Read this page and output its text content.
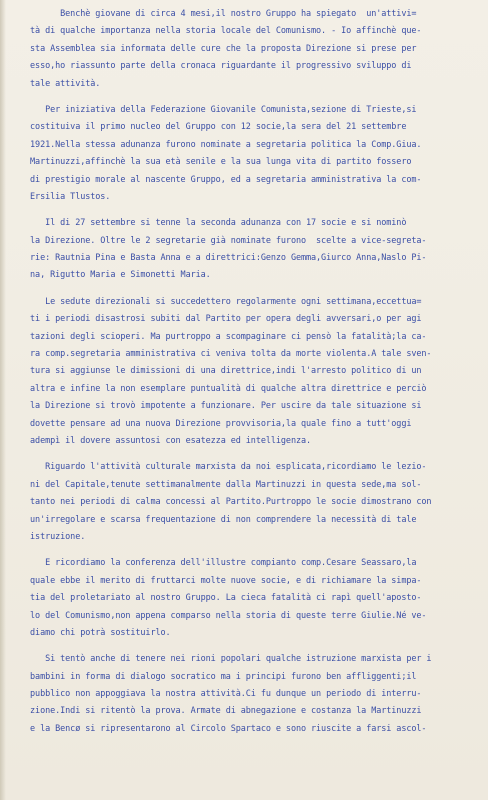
Benchè giovane di circa 4 mesi,il nostro Gruppo ha spiegato  un'attivi=
tà di qualche importanza nella storia locale del Comunismo. - Io affinchè que-
sta Assemblea sia informata delle cure che la proposta Direzione si prese per
esso,ho riassunto parte della cronaca riguardante il progressivo sviluppo di
tale attività.
Per iniziativa della Federazione Giovanile Comunista,sezione di Trieste,si
costituiva il primo nucleo del Gruppo con 12 socie,la sera del 21 settembre
1921.Nella stessa adunanza furono nominate a segretaria politica la Comp.Giua.
Martinuzzi,affinchè la sua età senile e la sua lunga vita di partito fossero
di prestigio morale al nascente Gruppo, ed a segretaria amministrativa la com-
Ersilia Tlustos.
Il di 27 settembre si tenne la seconda adunanza con 17 socie e si nominò
la Direzione. Oltre le 2 segretarie già nominate furono  scelte a vice-segreta-
rie: Rautnia Pina e Basta Anna e a direttrici:Genzo Gemma,Giurco Anna,Naslo Pi-
na, Rigutto Maria e Simonetti Maria.
Le sedute direzionali si succedettero regolarmente ogni settimana,eccettua=
ti i periodi disastrosi subiti dal Partito per opera degli avversari,o per agi
tazioni degli scioperi. Ma purtroppo a scompaginare ci pensò la fatalità;la ca-
ra comp.segretaria amministrativa ci veniva tolta da morte violenta.A tale sven-
tura si aggiunse le dimissioni di una direttrice,indi l'arresto politico di un
altra e infine la non esemplare puntualità di qualche altra direttrice e perciò
la Direzione si trovò impotente a funzionare. Per uscire da tale situazione si
dovette pensare ad una nuova Direzione provvisoria,la quale fino a tutt'oggi
adempì il dovere assuntosi con esatezza ed intelligenza.
Riguardo l'attività culturale marxista da noi esplicata,ricordiamo le lezio-
ni del Capitale,tenute settimanalmente dalla Martinuzzi in questa sede,ma sol-
tanto nei periodi di calma concessi al Partito.Purtroppo le socie dimostrano con
un'irregolare e scarsa frequentazione di non comprendere la necessità di tale
istruzione.
E ricordiamo la conferenza dell'illustre compianto comp.Cesare Seassaro,la
quale ebbe il merito di fruttarci molte nuove socie, e di richiamare la simpa-
tia del proletariato al nostro Gruppo. La cieca fatalità ci rapì quell'aposto-
lo del Comunismo,non appena comparso nella storia di queste terre Giulie.Né ve-
diamo chi potrà sostituirlo.
Si tentò anche di tenere nei rioni popolari qualche istruzione marxista per i
bambini in forma di dialogo socratico ma i principi furono ben affliggenti;il
pubblico non appoggiava la nostra attività.Ci fu dunque un periodo di interru-
zione.Indi si ritentò la prova. Armate di abnegazione e costanza la Martinuzzi
e la Bencø si ripresentarono al Circolo Spartaco e sono riuscite a farsi ascol-
